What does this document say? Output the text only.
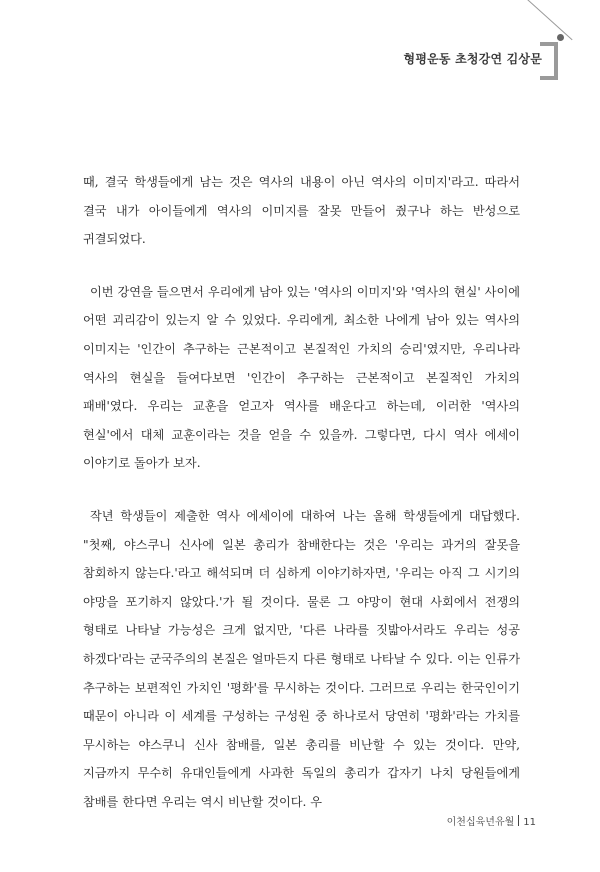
형평운동 초청강연 김상문

때, 결국 학생들에게 남는 것은 역사의 내용이 아닌 역사의 이미지'라고. 따라서 결국 내가 아이들에게 역사의 이미지를 잘못 만들어 줬구나 하는 반성으로 귀결되었다.

이번 강연을 들으면서 우리에게 남아 있는 '역사의 이미지'와 '역사의 현실' 사이에 어떤 괴리감이 있는지 알 수 있었다. 우리에게, 최소한 나에게 남아 있는 역사의 이미지는 '인간이 추구하는 근본적이고 본질적인 가치의 승리'였지만, 우리나라 역사의 현실을 들여다보면 '인간이 추구하는 근본적이고 본질적인 가치의 패배'였다. 우리는 교훈을 얻고자 역사를 배운다고 하는데, 이러한 '역사의 현실'에서 대체 교훈이라는 것을 얻을 수 있을까. 그렇다면, 다시 역사 에세이 이야기로 돌아가 보자.

작년 학생들이 제출한 역사 에세이에 대하여 나는 올해 학생들에게 대답했다. "첫째, 야스쿠니 신사에 일본 총리가 참배한다는 것은 '우리는 과거의 잘못을 참회하지 않는다.'라고 해석되며 더 심하게 이야기하자면, '우리는 아직 그 시기의 야망을 포기하지 않았다.'가 될 것이다. 물론 그 야망이 현대 사회에서 전쟁의 형태로 나타날 가능성은 크게 없지만, '다른 나라를 짓밟아서라도 우리는 성공 하겠다'라는 군국주의의 본질은 얼마든지 다른 형태로 나타날 수 있다. 이는 인류가 추구하는 보편적인 가치인 '평화'를 무시하는 것이다. 그러므로 우리는 한국인이기 때문이 아니라 이 세계를 구성하는 구성원 중 하나로서 당연히 '평화'라는 가치를 무시하는 야스쿠니 신사 참배를, 일본 총리를 비난할 수 있는 것이다. 만약, 지금까지 무수히 유대인들에게 사과한 독일의 총리가 갑자기 나치 당원들에게 참배를 한다면 우리는 역시 비난할 것이다. 우

이천십육년유월 11
